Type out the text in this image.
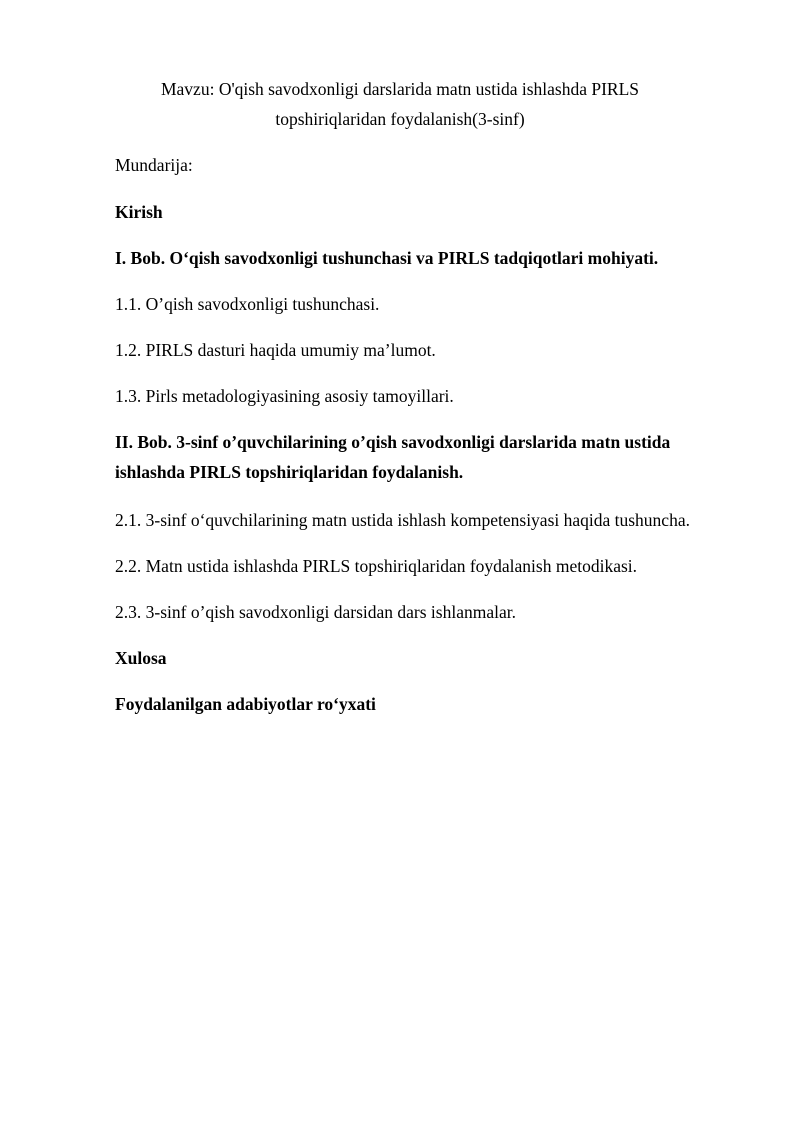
Mavzu: O'qish savodxonligi darslarida matn ustida ishlashda PIRLS
topshiriqlaridan foydalanish(3-sinf)
Mundarija:
Kirish
I. Bob. O‘qish savodxonligi tushunchasi va PIRLS tadqiqotlari mohiyati.
1.1. O’qish savodxonligi tushunchasi.
1.2. PIRLS dasturi haqida umumiy ma’lumot.
1.3. Pirls metadologiyasining asosiy tamoyillari.
II. Bob. 3-sinf o’quvchilarining o’qish savodxonligi darslarida matn ustida
ishlashda PIRLS topshiriqlaridan foydalanish.
2.1. 3-sinf o‘quvchilarining matn ustida ishlash kompetensiyasi haqida tushuncha.
2.2. Matn ustida ishlashda PIRLS topshiriqlaridan foydalanish metodikasi.
2.3. 3-sinf o’qish savodxonligi darsidan dars ishlanmalar.
Xulosa
Foydalanilgan adabiyotlar ro‘yxati
